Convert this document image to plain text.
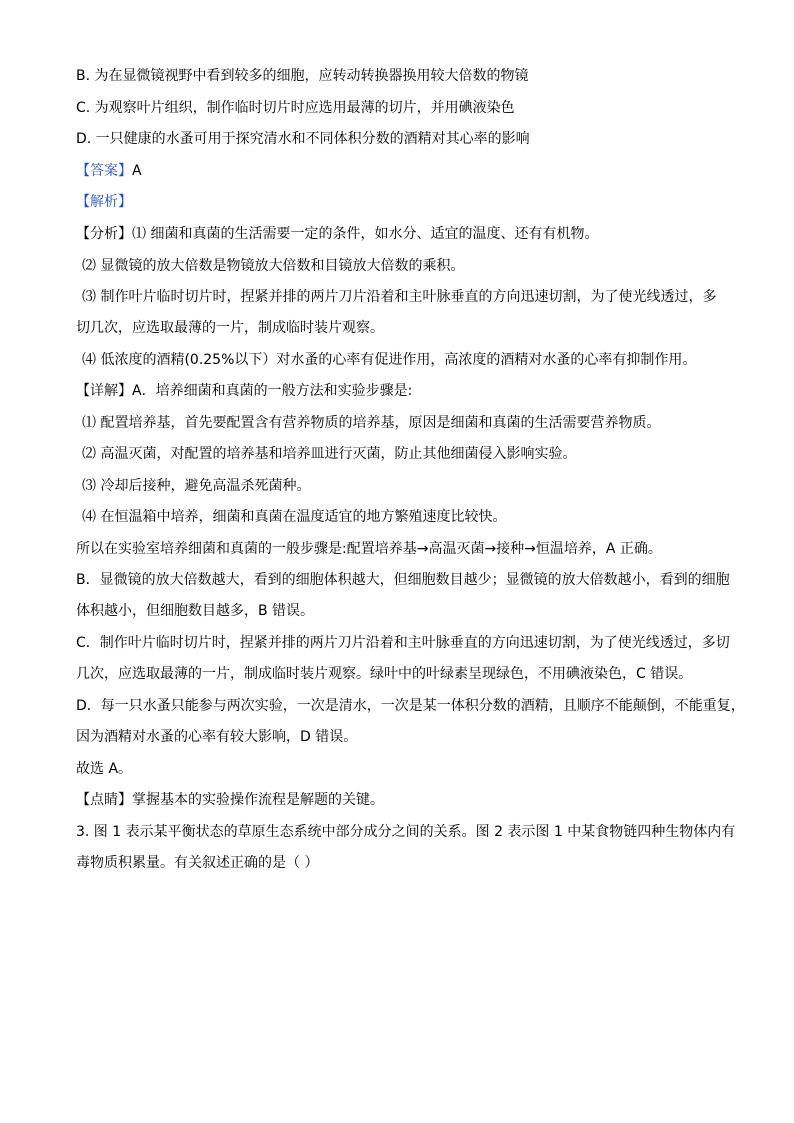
B. 为在显微镜视野中看到较多的细胞，应转动转换器换用较大倍数的物镜
C. 为观察叶片组织，制作临时切片时应选用最薄的切片，并用碘液染色
D. 一只健康的水蚤可用于探究清水和不同体积分数的酒精对其心率的影响
【答案】A
【解析】
【分析】⑴ 细菌和真菌的生活需要一定的条件，如水分、适宜的温度、还有有机物。
⑵ 显微镜的放大倍数是物镜放大倍数和目镜放大倍数的乘积。
⑶ 制作叶片临时切片时，捏紧并排的两片刀片沿着和主叶脉垂直的方向迅速切割，为了使光线透过，多
切几次，应选取最薄的一片，制成临时装片观察。
⑷ 低浓度的酒精(0.25%以下）对水蚤的心率有促进作用，高浓度的酒精对水蚤的心率有抑制作用。
【详解】A．培养细菌和真菌的一般方法和实验步骤是:
⑴ 配置培养基，首先要配置含有营养物质的培养基，原因是细菌和真菌的生活需要营养物质。
⑵ 高温灭菌，对配置的培养基和培养皿进行灭菌，防止其他细菌侵入影响实验。
⑶ 冷却后接种，避免高温杀死菌种。
⑷ 在恒温箱中培养，细菌和真菌在温度适宜的地方繁殖速度比较快。
所以在实验室培养细菌和真菌的一般步骤是:配置培养基→高温灭菌→接种→恒温培养，A 正确。
B．显微镜的放大倍数越大，看到的细胞体积越大，但细胞数目越少；显微镜的放大倍数越小，看到的细胞
体积越小，但细胞数目越多，B 错误。
C．制作叶片临时切片时，捏紧并排的两片刀片沿着和主叶脉垂直的方向迅速切割，为了使光线透过，多切
几次，应选取最薄的一片，制成临时装片观察。绿叶中的叶绿素呈现绿色，不用碘液染色，C 错误。
D．每一只水蚤只能参与两次实验，一次是清水，一次是某一体积分数的酒精，且顺序不能颠倒，不能重复，
因为酒精对水蚤的心率有较大影响，D 错误。
故选 A。
【点睛】掌握基本的实验操作流程是解题的关键。
3. 图 1 表示某平衡状态的草原生态系统中部分成分之间的关系。图 2 表示图 1 中某食物链四种生物体内有
毒物质积累量。有关叙述正确的是（ ）
